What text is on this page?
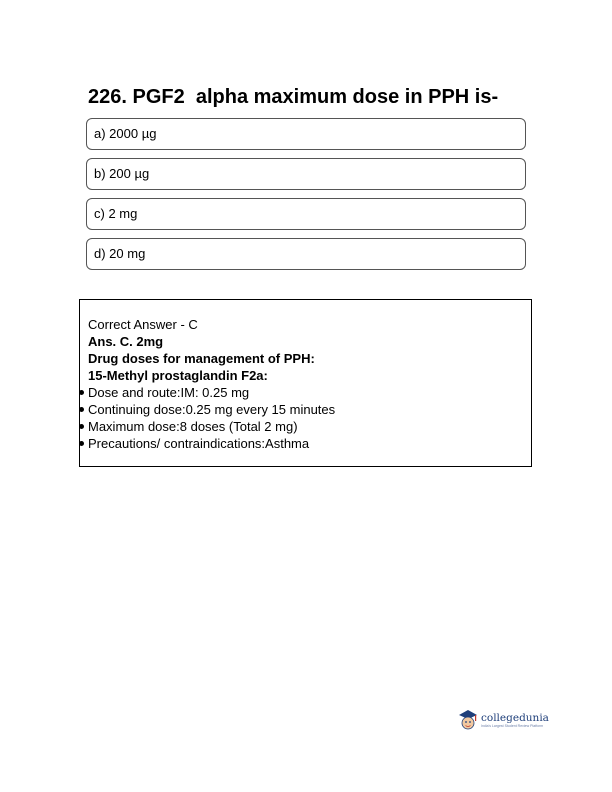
226. PGF2  alpha maximum dose in PPH is-
a) 2000 µg
b) 200 µg
c) 2 mg
d) 20 mg

Correct Answer - C

Ans. C. 2mg

Drug doses for management of PPH:

15-Methyl prostaglandin F2a:

Dose and route:IM: 0.25 mg
Continuing dose:0.25 mg every 15 minutes
Maximum dose:8 doses (Total 2 mg)
Precautions/ contraindications:Asthma
collegedunia
India's Largest Student Review Platform
